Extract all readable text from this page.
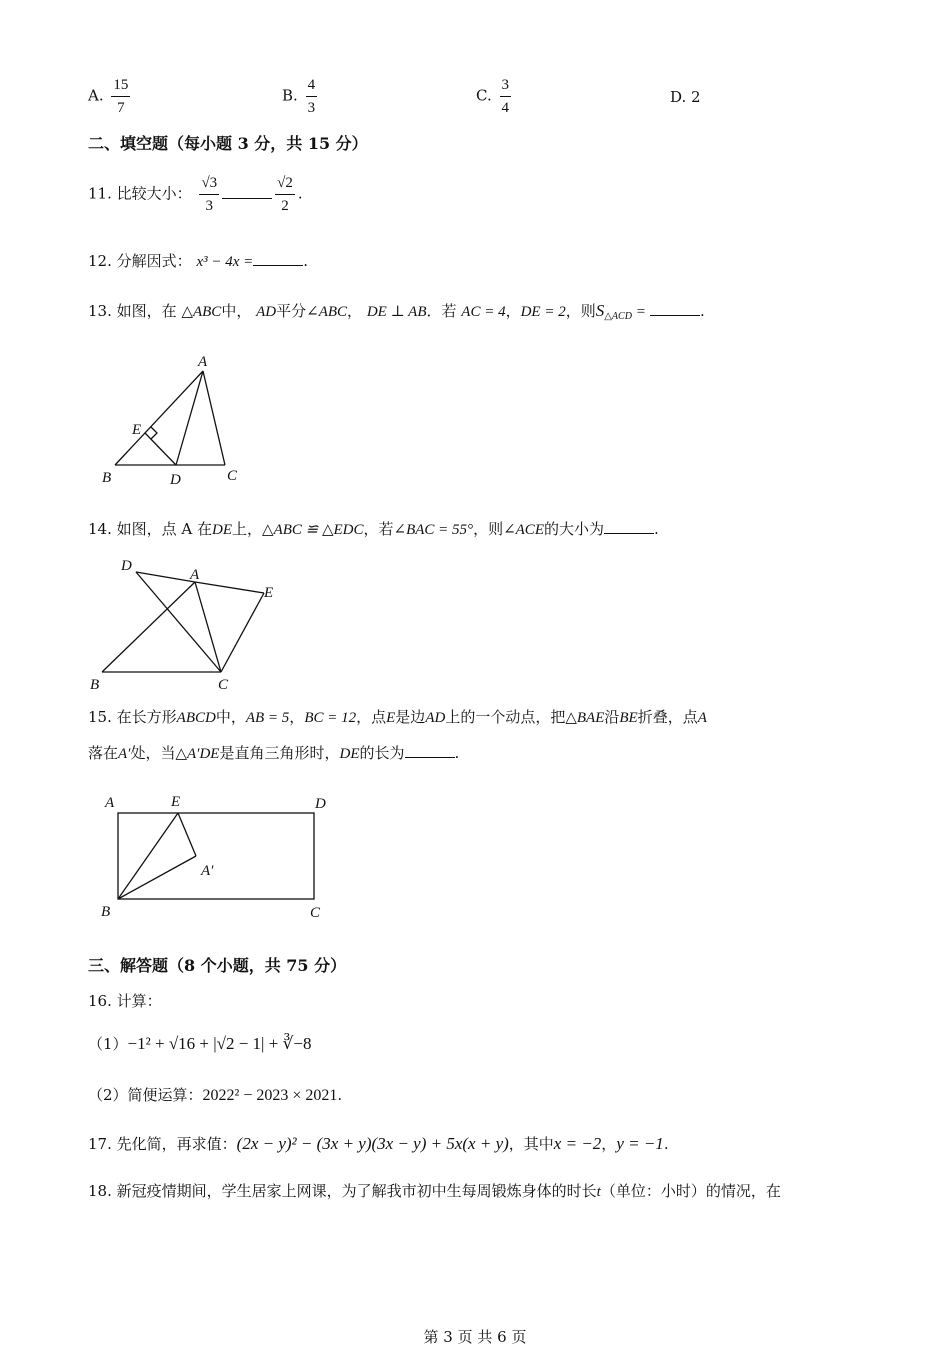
A. $\frac{15}{7}$	B. $\frac{4}{3}$	C. $\frac{3}{4}$	D. 2
二、填空题（每小题 3 分，共 15 分）
11. 比较大小： $\frac{√3}{3}$	$\frac{√2}{2}$ .
12. 分解因式： x³ − 4x =	.
13. 如图，在 △ABC中， AD平分∠ABC， DE ⊥ AB．若 AC = 4，DE = 2，则$S_{\triangle ACD}$ =	.
A
B	C
D
E
14. 如图，点 A 在DE上，△ABC ≌ △EDC，若∠BAC = 55°，则∠ACE的大小为	.
A
B	C
D
E
15. 在长方形ABCD中，AB = 5，BC = 12，点E是边AD上的一个动点，把△BAE沿BE折叠，点A
落在A′处，当△A′DE是直角三角形时，DE的长为	.
A	E	D
B	C
A′
三、解答题（8 个小题，共 75 分）
16. 计算：
（1）−1² + √16 + |√2 − 1| + ∛−8
（2）简便运算：2022² − 2023 × 2021.
17. 先化简，再求值：(2x − y)² − (3x + y)(3x − y) + 5x(x + y)，其中x = −2，y = −1.
18. 新冠疫情期间，学生居家上网课，为了解我市初中生每周锻炼身体的时长t（单位：小时）的情况，在
第 3 页 共 6 页
